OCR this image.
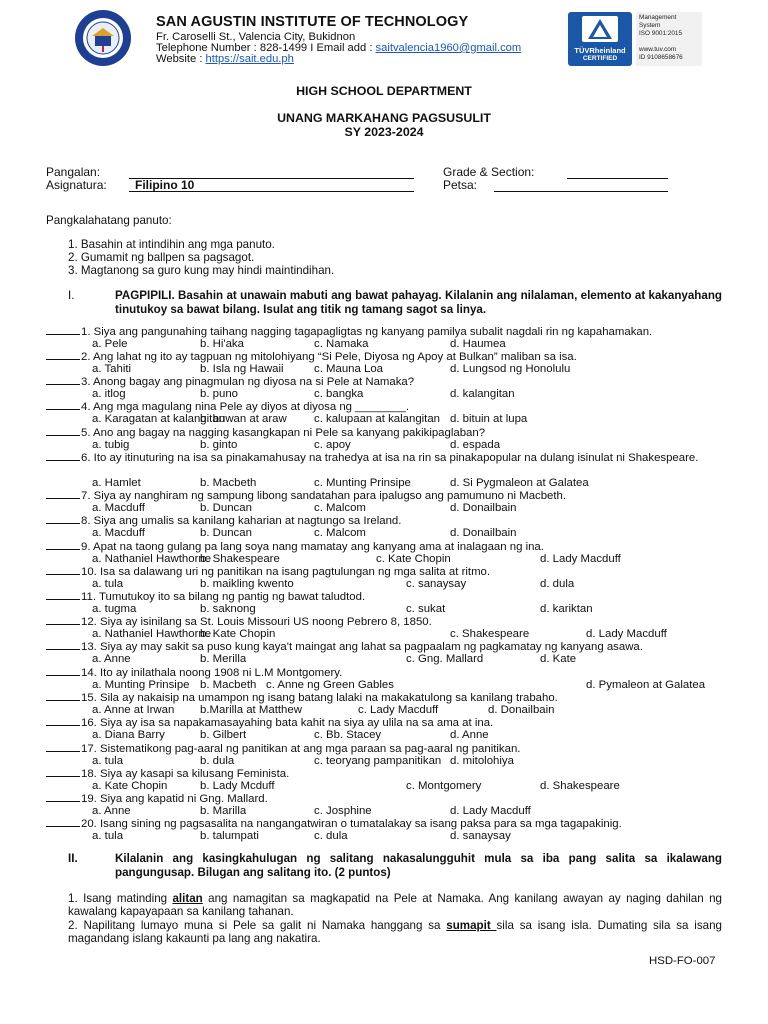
SAN AGUSTIN INSTITUTE OF TECHNOLOGY
Fr. Caroselli St., Valencia City, Bukidnon
Telephone Number : 828-1499 I Email add : saitvalencia1960@gmail.com
Website : https://sait.edu.ph
TÜVRheinland
CERTIFIED
Management System
ISO 9001:2015
www.tuv.com
ID 9108658676
HIGH SCHOOL DEPARTMENT
UNANG MARKAHANG PAGSUSULIT
SY 2023-2024
Pangalan:
Asignatura: Filipino 10
Grade & Section:
Petsa:
Pangkalahatang panuto:
1. Basahin at intindihin ang mga panuto.
2. Gumamit ng ballpen sa pagsagot.
3. Magtanong sa guro kung may hindi maintindihan.
I.	PAGPIPILI. Basahin at unawain mabuti ang bawat pahayag. Kilalanin ang nilalaman, elemento at kakanyahang tinutukoy sa bawat bilang. Isulat ang titik ng tamang sagot sa linya.
1. Siya ang pangunahing taihang nagging tagapagligtas ng kanyang pamilya subalit nagdali rin ng kapahamakan.
a. Pele	b. Hi'aka	c. Namaka	d. Haumea
2. Ang lahat ng ito ay tagpuan ng mitolohiyang “Si Pele, Diyosa ng Apoy at Bulkan” maliban sa isa.
a. Tahiti	b. Isla ng Hawaii	c. Mauna Loa	d. Lungsod ng Honolulu
3. Anong bagay ang pinagmulan ng diyosa na si Pele at Namaka?
a. itlog	b. puno	c. bangka	d. kalangitan
4. Ang mga magulang nina Pele ay diyos at diyosa ng ________.
a. Karagatan at kalangitan
b. buwan at araw c. kalupaan at kalangitan d. bituin at lupa
5. Ano ang bagay na nagging kasangkapan ni Pele sa kanyang pakikipaglaban?
a. tubig	b. ginto	c. apoy	d. espada
6. Ito ay itinuturing na isa sa pinakamahusay na trahedya at isa na rin sa pinakapopular na dulang isinulat ni Shakespeare.
a. Hamlet	b. Macbeth	c. Munting Prinsipe	d. Si Pygmaleon at Galatea
7. Siya ay nanghiram ng sampung libong sandatahan para ipalugso ang pamumuno ni Macbeth.
a. Macduff	b. Duncan	c. Malcom	d. Donailbain
8. Siya ang umalis sa kanilang kaharian at nagtungo sa Ireland.
a. Macduff	b. Duncan	c. Malcom	d. Donailbain
9. Apat na taong gulang pa lang soya nang mamatay ang kanyang ama at inalagaan ng ina.
a. Nathaniel Hawthorne
b. Shakespeare	c. Kate Chopin	d. Lady Macduff
10. Isa sa dalawang uri ng panitikan na isang pagtulungan ng mga salita at ritmo.
a. tula	b. maikling kwento	c. sanaysay	d. dula
11. Tumutukoy ito sa bilang ng pantig ng bawat taludtod.
a. tugma	b. saknong	c. sukat	d. kariktan
12. Siya ay isinilang sa St. Louis Missouri US noong Pebrero 8, 1850.
a. Nathaniel Hawthorne
b. Kate Chopin	c. Shakespeare	d. Lady Macduff
13. Siya ay may sakit sa puso kung kaya't maingat ang lahat sa pagpaalam ng pagkamatay ng kanyang asawa.
a. Anne	b. Merilla	c. Gng. Mallard	d. Kate
14. Ito ay inilathala noong 1908 ni L.M Montgomery.
a. Munting Prinsipe b. Macbeth c. Anne ng Green Gables	d. Pymaleon at Galatea
15. Sila ay nakaisip na umampon ng isang batang lalaki na makakatulong sa kanilang trabaho.
a. Anne at Irwan b.Marilla at Matthew	c. Lady Macduff	d. Donailbain
16. Siya ay isa sa napakamasayahing bata kahit na siya ay ulila na sa ama at ina.
a. Diana Barry	b. Gilbert	c. Bb. Stacey	d. Anne
17. Sistematikong pag-aaral ng panitikan at ang mga paraan sa pag-aaral ng panitikan.
a. tula	b. dula	c. teoryang pampanitikan d. mitolohiya
18. Siya ay kasapi sa kilusang Feminista.
a. Kate Chopin	b. Lady Mcduff	c. Montgomery	d. Shakespeare
19. Siya ang kapatid ni Gng. Mallard.
a. Anne	b. Marilla	c. Josphine	d. Lady Macduff
20. Isang sining ng pagsasalita na nangangatwiran o tumatalakay sa isang paksa para sa mga tagapakinig.
a. tula	b. talumpati	c. dula	d. sanaysay
II.	Kilalanin ang kasingkahulugan ng salitang nakasalungguhit mula sa iba pang salita sa ikalawang pangungusap. Bilugan ang salitang ito. (2 puntos)
1. Isang matinding alitan ang namagitan sa magkapatid na Pele at Namaka. Ang kanilang awayan ay naging dahilan ng kawalang kapayapaan sa kanilang tahanan.
2. Napilitang lumayo muna si Pele sa galit ni Namaka hanggang sa sumapit sila sa isang isla. Dumating sila sa isang magandang islang kakaunti pa lang ang nakatira.
HSD-FO-007
